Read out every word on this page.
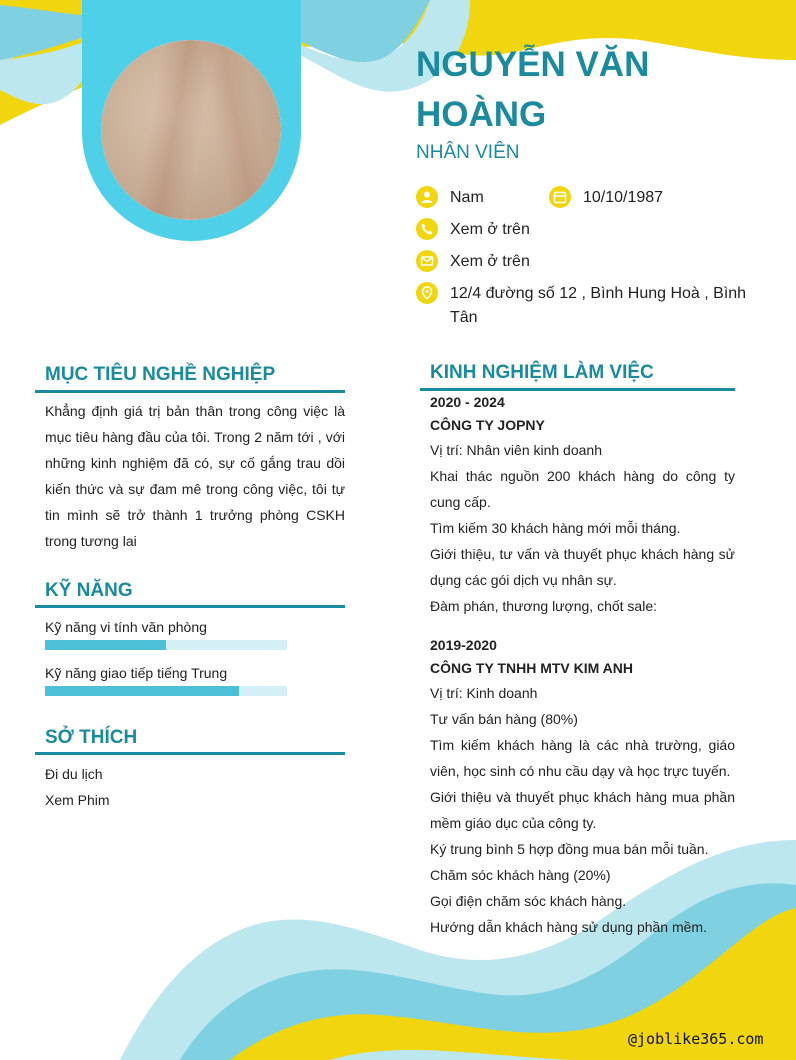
NGUYỄN VĂN HOÀNG
NHÂN VIÊN
Nam	10/10/1987
Xem ở trên
Xem ở trên
12/4 đường số 12 , Bình Hung Hoà , Bình Tân
MỤC TIÊU NGHỀ NGHIỆP
Khẳng định giá trị bản thân trong công việc là mục tiêu hàng đầu của tôi. Trong 2 năm tới , với những kinh nghiệm đã có, sự cố gắng trau dồi kiến thức và sự đam mê trong công việc, tôi tự tin mình sẽ trở thành 1 trưởng phòng CSKH trong tương lai
KỸ NĂNG
Kỹ năng vi tính văn phòng
Kỹ năng giao tiếp tiếng Trung
SỞ THÍCH
Đi du lịch
Xem Phim
KINH NGHIỆM LÀM VIỆC
2020 - 2024
CÔNG TY JOPNY
Vị trí: Nhân viên kinh doanh
Khai thác nguồn 200 khách hàng do công ty cung cấp.
Tìm kiếm 30 khách hàng mới mỗi tháng.
Giới thiệu, tư vấn và thuyết phục khách hàng sử dụng các gói dịch vụ nhân sự.
Đàm phán, thương lượng, chốt sale:
2019-2020
CÔNG TY TNHH MTV KIM ANH
Vị trí: Kinh doanh
Tư vấn bán hàng (80%)
Tìm kiếm khách hàng là các nhà trường, giáo viên, học sinh có nhu cầu dạy và học trực tuyến.
Giới thiệu và thuyết phục khách hàng mua phần mềm giáo dục của công ty.
Ký trung bình 5 hợp đồng mua bán mỗi tuần.
Chăm sóc khách hàng (20%)
Gọi điện chăm sóc khách hàng.
Hướng dẫn khách hàng sử dụng phần mềm.
@joblike365.com
